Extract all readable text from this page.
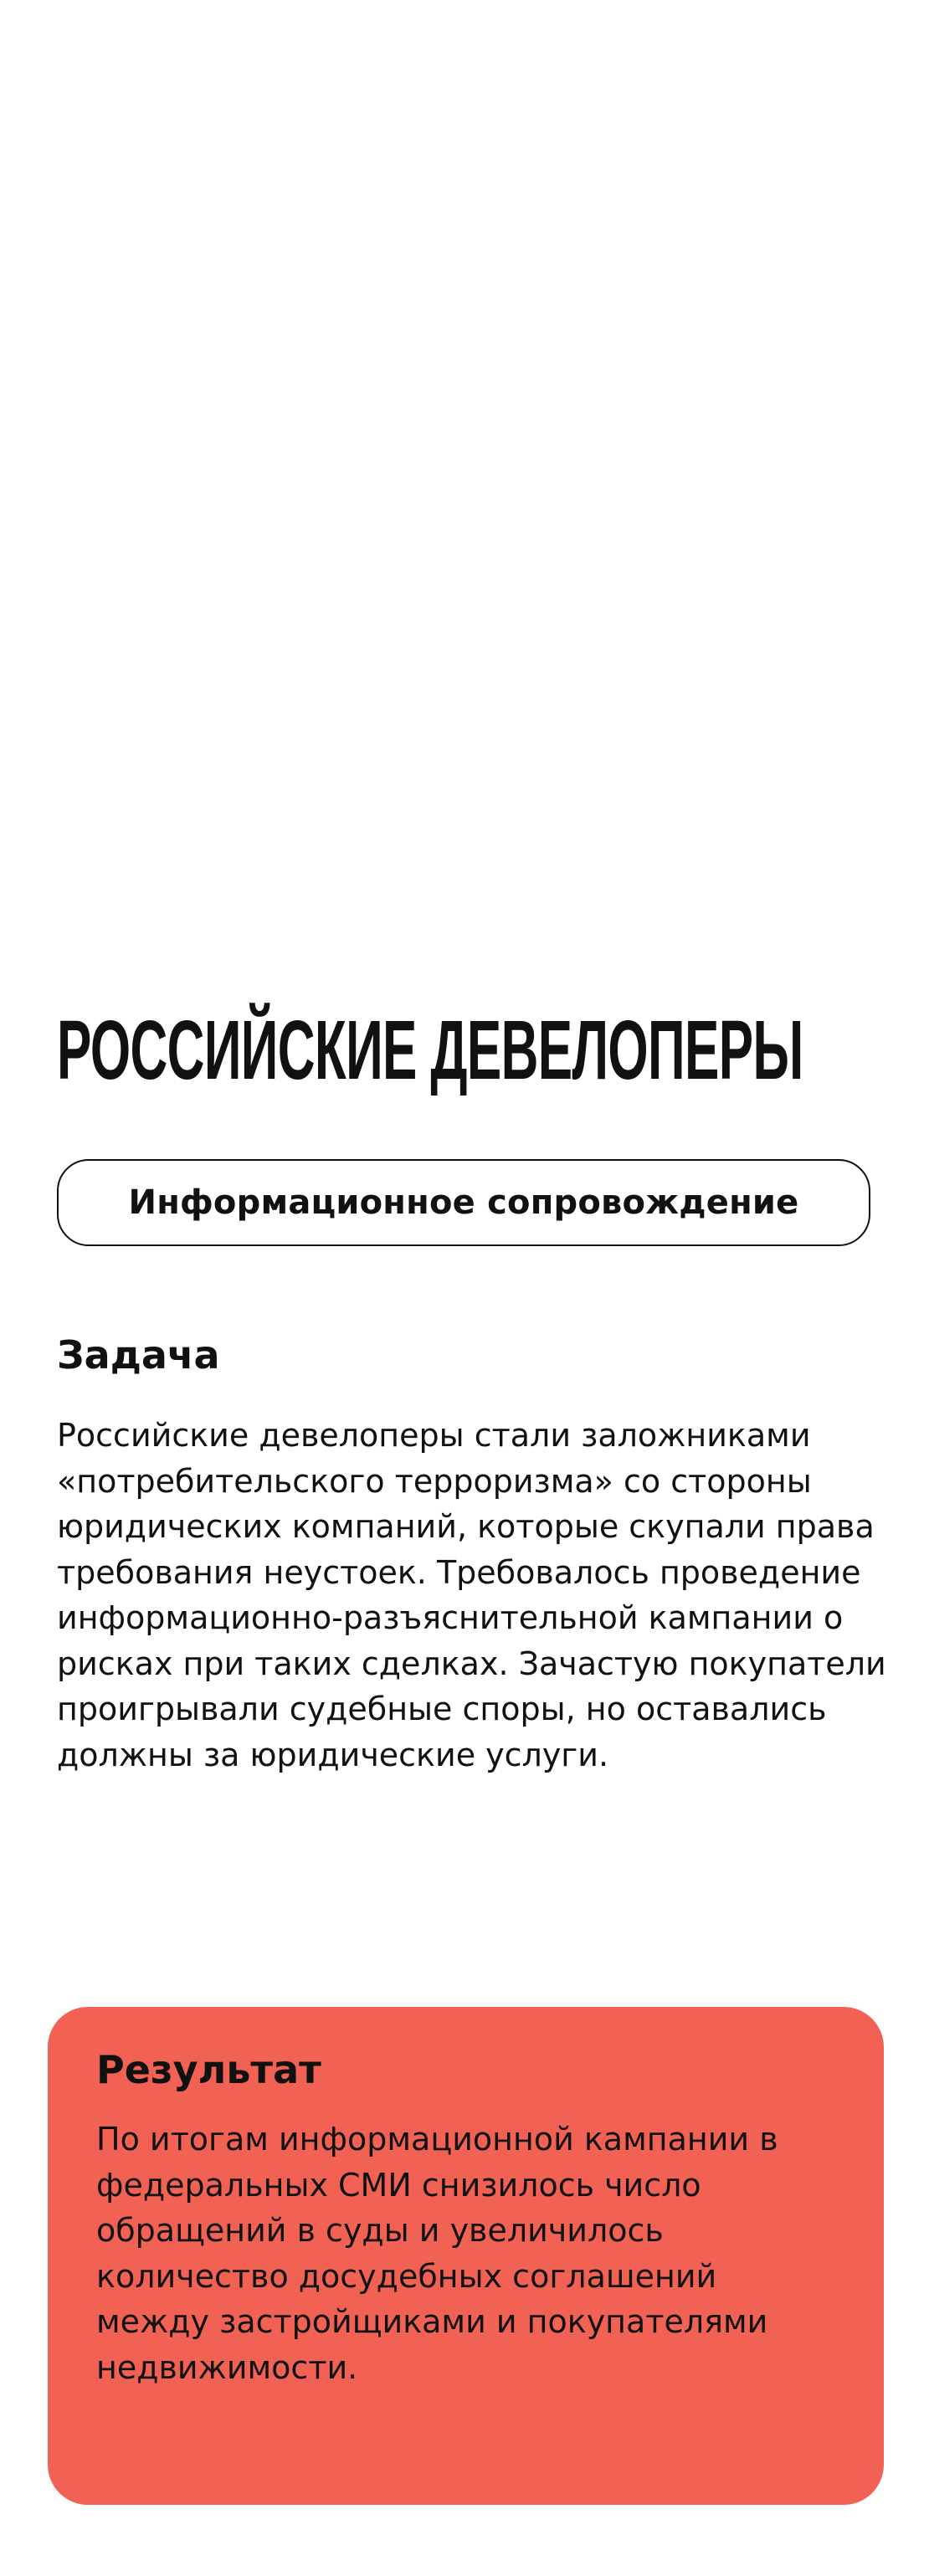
РОССИЙСКИЕ ДЕВЕЛОПЕРЫ
Информационное сопровождение
Задача

Российские девелоперы стали заложниками «потребительского терроризма» со стороны юридических компаний, которые скупали права требования неустоек. Требовалось проведение информационно-разъяснительной кампании о рисках при таких сделках. Зачастую покупатели проигрывали судебные споры, но оставались должны за юридические услуги.

Результат

По итогам информационной кампании в федеральных СМИ снизилось число обращений в суды и увеличилось количество досудебных соглашений между застройщиками и покупателями недвижимости.
